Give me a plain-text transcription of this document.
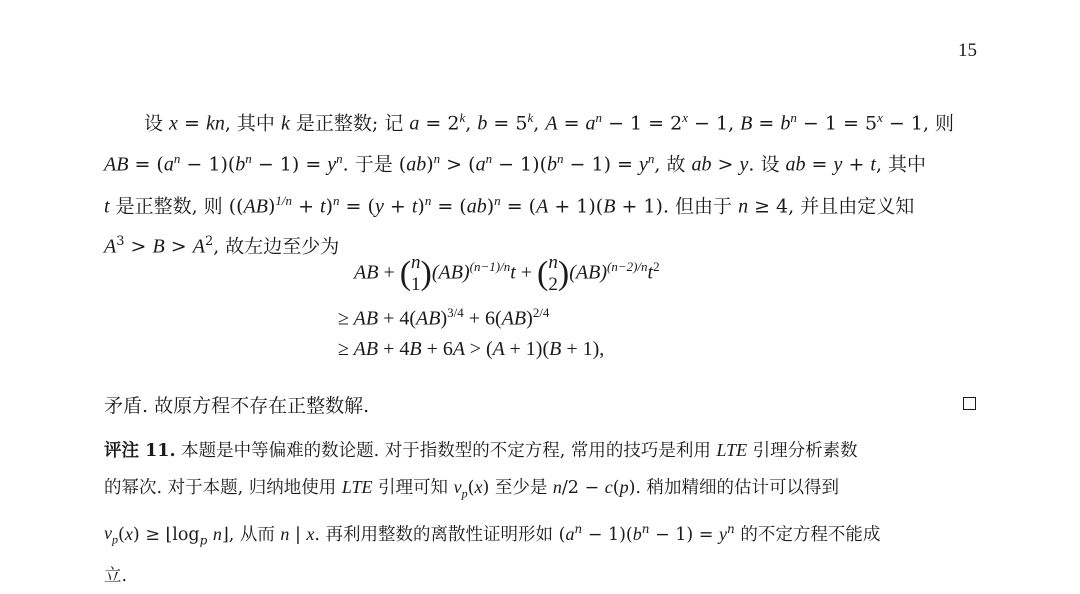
15
设 x = kn, 其中 k 是正整数; 记 $a = 2^k$, $b = 5^k$, $A = a^n - 1 = 2^x - 1$, $B = b^n - 1 = 5^x - 1$, 则
AB = $(a^n - 1)(b^n - 1) = y^n$. 于是 $(ab)^n > (a^n - 1)(b^n - 1) = y^n$, 故 ab > y. 设 ab = y + t, 其中
t 是正整数, 则 $((AB)^{1/n} + t)^n = (y + t)^n = (ab)^n = (A + 1)(B + 1)$. 但由于 n ≥ 4, 并且由定义知
$A^3 > B > A^2$, 故左边至少为
AB + ( n
1 )(AB)$^{(n-1)/n}$t + ( n
2 )$(AB)^{(n-2)/n}t^2$
≥ AB + 4(AB)$^{3/4}$ + 6(AB)$^{2/4}$
≥ AB + 4B + 6A > (A + 1)(B + 1),
矛盾. 故原方程不存在正整数解.
评注 11. 本题是中等偏难的数论题. 对于指数型的不定方程, 常用的技巧是利用 LTE 引理分析素数
的幂次. 对于本题, 归纳地使用 LTE 引理可知 $\nu_p(x)$ 至少是 n/2 − c(p). 稍加精细的估计可以得到
$\nu_p(x)$ ≥ $⌊\log_p$ n⌋, 从而 n | x. 再利用整数的离散性证明形如 $(a^n - 1)(b^n - 1) = y^n$ 的不定方程不能成
立.
